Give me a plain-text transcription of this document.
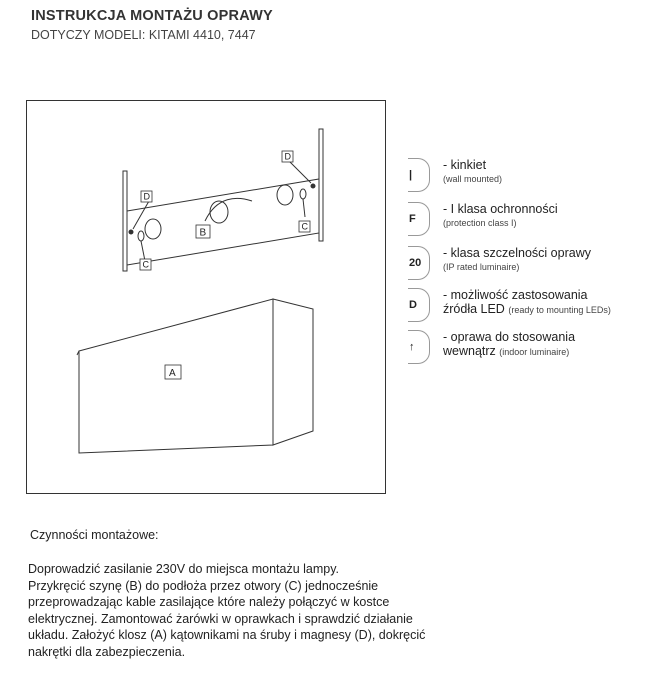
INSTRUKCJA MONTAŻU OPRAWY
DOTYCZY MODELI: KITAMI 4410, 7447
D
C
B
D
C
A
|
- kinkiet
(wall mounted)
F
- I klasa ochronności
(protection class I)
20
- klasa szczelności oprawy
(IP rated luminaire)
D
- możliwość zastosowania
źródła LED (ready to mounting LEDs)
↑
- oprawa do stosowania
wewnątrz (indoor luminaire)
Czynności montażowe:
Doprowadzić zasilanie 230V do miejsca montażu lampy.
Przykręcić szynę (B) do podłoża przez otwory (C) jednocześnie
przeprowadzając kable zasilające które należy połączyć w kostce
elektrycznej. Zamontować żarówki w oprawkach i sprawdzić działanie
układu. Założyć klosz (A) kątownikami na śruby i magnesy (D), dokręcić
nakrętki dla zabezpieczenia.
